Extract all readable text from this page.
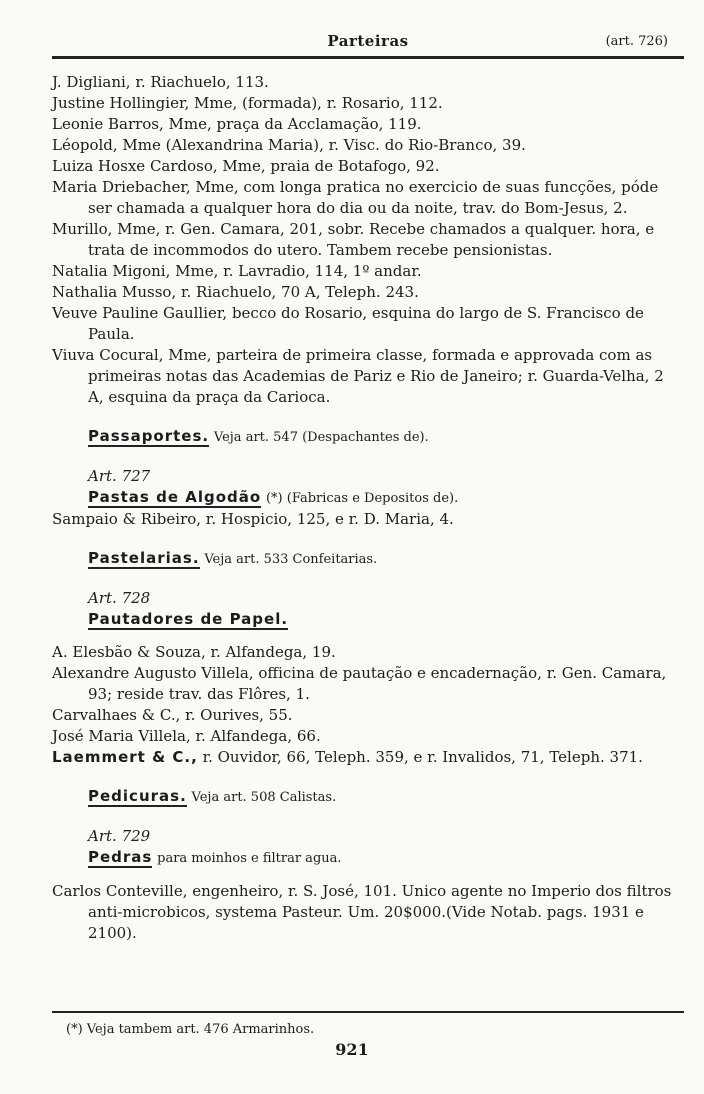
Parteiras	(art. 726)

J. Digliani, r. Riachuelo, 113.

Justine Hollingier, Mme, (formada), r. Rosario, 112.

Leonie Barros, Mme, praça da Acclamação, 119.

Léopold, Mme (Alexandrina Maria), r. Visc. do Rio-Branco, 39.

Luiza Hosxe Cardoso, Mme, praia de Botafogo, 92.

Maria Driebacher, Mme, com longa pratica no exercicio de suas funcções, póde ser chamada a qualquer hora do dia ou da noite, trav. do Bom-Jesus, 2.

Murillo, Mme, r. Gen. Camara, 201, sobr. Recebe chamados a qualquer. hora, e trata de incommodos do utero. Tambem recebe pensionistas.

Natalia Migoni, Mme, r. Lavradio, 114, 1º andar.

Nathalia Musso, r. Riachuelo, 70 A, Teleph. 243.

Veuve Pauline Gaullier, becco do Rosario, esquina do largo de S. Francisco de Paula.

Viuva Cocural, Mme, parteira de primeira classe, formada e approvada com as primeiras notas das Academias de Pariz e Rio de Janeiro; r. Guarda-Velha, 2 A, esquina da praça da Carioca.

Passaportes. Veja art. 547 (Despachantes de).
Art. 727
Pastas de Algodão (*) (Fabricas e Depositos de).

Sampaio & Ribeiro, r. Hospicio, 125, e r. D. Maria, 4.

Pastelarias. Veja art. 533 Confeitarias.
Art. 728
Pautadores de Papel.

A. Elesbão & Souza, r. Alfandega, 19.

Alexandre Augusto Villela, officina de pautação e encadernação, r. Gen. Camara, 93; reside trav. das Flôres, 1.

Carvalhaes & C., r. Ourives, 55.

José Maria Villela, r. Alfandega, 66.

Laemmert & C., r. Ouvidor, 66, Teleph. 359, e r. Invalidos, 71, Teleph. 371.

Pedicuras. Veja art. 508 Calistas.
Art. 729
Pedras para moinhos e filtrar agua.

Carlos Conteville, engenheiro, r. S. José, 101. Unico agente no Imperio dos filtros anti-microbicos, systema Pasteur. Um. 20$000.(Vide Notab. pags. 1931 e 2100).

(*) Veja tambem art. 476 Armarinhos.
921
